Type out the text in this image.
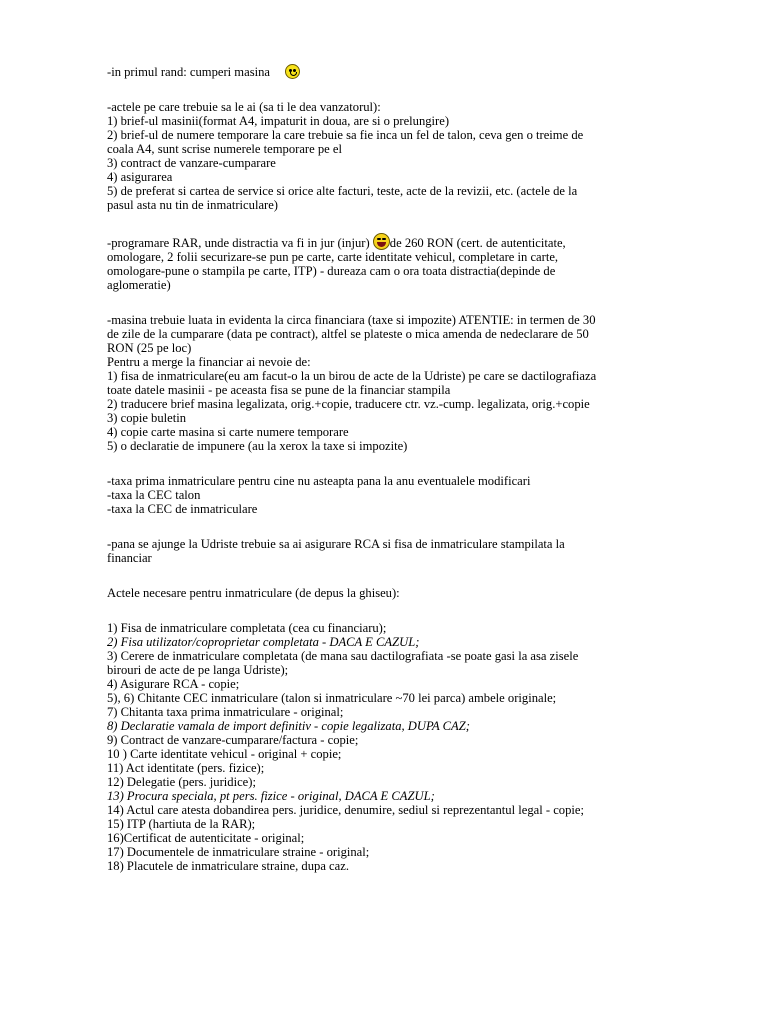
-in primul rand: cumperi masina
-actele pe care trebuie sa le ai (sa ti le dea vanzatorul):
1) brief-ul masinii(format A4, impaturit in doua, are si o prelungire)
2) brief-ul de numere temporare la care trebuie sa fie inca un fel de talon, ceva gen o treime de
coala A4, sunt scrise numerele temporare pe el
3) contract de vanzare-cumparare
4) asigurarea
5) de preferat si cartea de service si orice alte facturi, teste, acte de la revizii, etc. (actele de la
pasul asta nu tin de inmatriculare)
-programare RAR, unde distractia va fi in jur (injur)
de 260 RON (cert. de autenticitate,
omologare, 2 folii securizare-se pun pe carte, carte identitate vehicul, completare in carte,
omologare-pune o stampila pe carte, ITP) - dureaza cam o ora toata distractia(depinde de
aglomeratie)
-masina trebuie luata in evidenta la circa financiara (taxe si impozite) ATENTIE: in termen de 30
de zile de la cumparare (data pe contract), altfel se plateste o mica amenda de nedeclarare de 50
RON (25 pe loc)
Pentru a merge la financiar ai nevoie de:
1) fisa de inmatriculare(eu am facut-o la un birou de acte de la Udriste) pe care se dactilografiaza
toate datele masinii - pe aceasta fisa se pune de la financiar stampila
2) traducere brief masina legalizata, orig.+copie, traducere ctr. vz.-cump. legalizata, orig.+copie
3) copie buletin
4) copie carte masina si carte numere temporare
5) o declaratie de impunere (au la xerox la taxe si impozite)
-taxa prima inmatriculare pentru cine nu asteapta pana la anu eventualele modificari
-taxa la CEC talon
-taxa la CEC de inmatriculare
-pana se ajunge la Udriste trebuie sa ai asigurare RCA si fisa de inmatriculare stampilata la
financiar
Actele necesare pentru inmatriculare (de depus la ghiseu):
1) Fisa de inmatriculare completata (cea cu financiaru);
2) Fisa utilizator/coproprietar completata - DACA E CAZUL;
3) Cerere de inmatriculare completata (de mana sau dactilografiata -se poate gasi la asa zisele
birouri de acte de pe langa Udriste);
4) Asigurare RCA - copie;
5), 6) Chitante CEC inmatriculare (talon si inmatriculare ~70 lei parca) ambele originale;
7) Chitanta taxa prima inmatriculare - original;
8) Declaratie vamala de import definitiv - copie legalizata, DUPA CAZ;
9) Contract de vanzare-cumparare/factura - copie;
10 ) Carte identitate vehicul - original + copie;
11) Act identitate (pers. fizice);
12) Delegatie (pers. juridice);
13) Procura speciala, pt pers. fizice - original, DACA E CAZUL;
14) Actul care atesta dobandirea pers. juridice, denumire, sediul si reprezentantul legal - copie;
15) ITP (hartiuta de la RAR);
16)Certificat de autenticitate - original;
17) Documentele de inmatriculare straine - original;
18) Placutele de inmatriculare straine, dupa caz.
